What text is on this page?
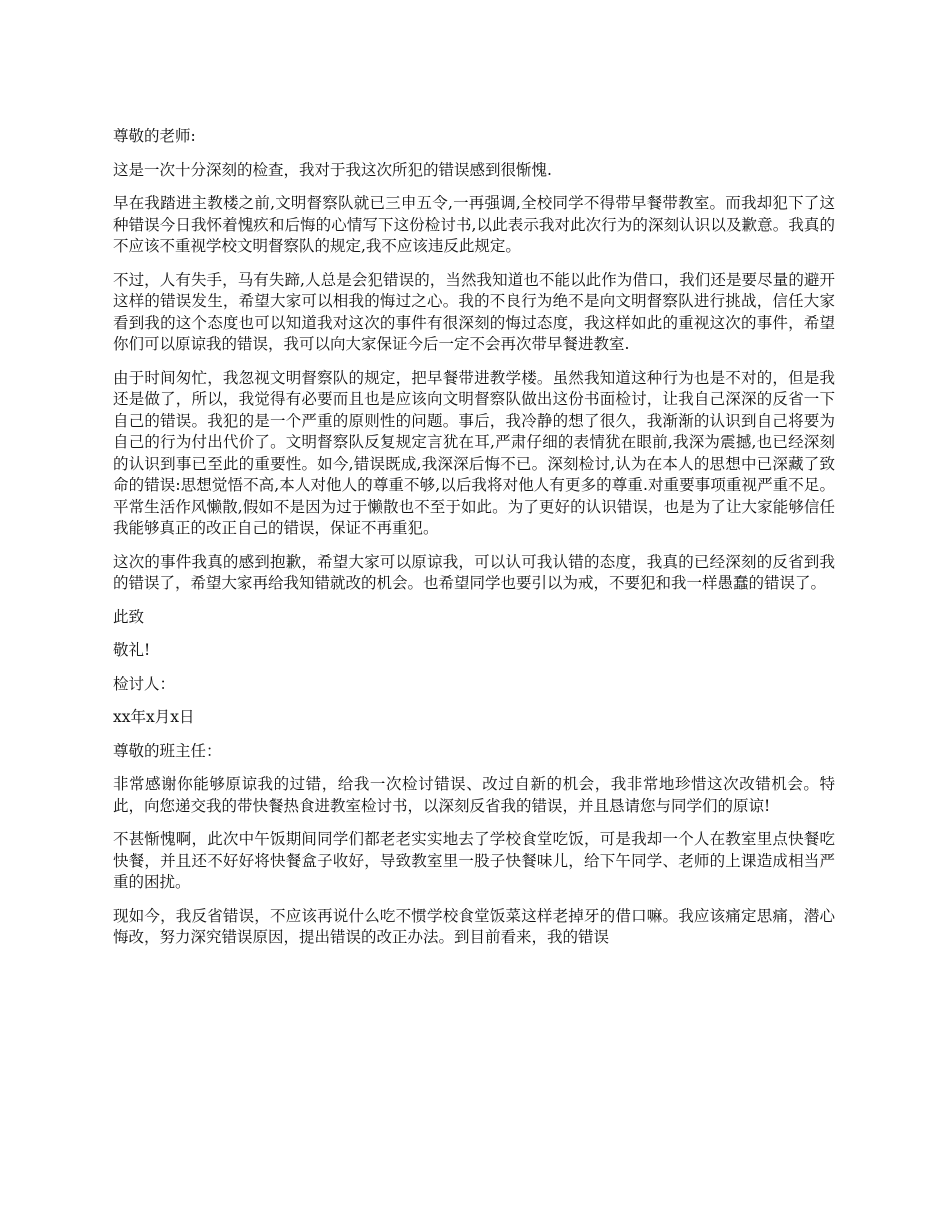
尊敬的老师:

这是一次十分深刻的检查，我对于我这次所犯的错误感到很惭愧.

早在我踏进主教楼之前,文明督察队就已三申五令,一再强调,全校同学不得带早餐带教室。而我却犯下了这种错误今日我怀着愧疚和后悔的心情写下这份检讨书,以此表示我对此次行为的深刻认识以及歉意。我真的不应该不重视学校文明督察队的规定,我不应该违反此规定。

不过，人有失手，马有失蹄,人总是会犯错误的，当然我知道也不能以此作为借口，我们还是要尽量的避开这样的错误发生，希望大家可以相我的悔过之心。我的不良行为绝不是向文明督察队进行挑战，信任大家看到我的这个态度也可以知道我对这次的事件有很深刻的悔过态度，我这样如此的重视这次的事件，希望你们可以原谅我的错误，我可以向大家保证今后一定不会再次带早餐进教室.

由于时间匆忙，我忽视文明督察队的规定，把早餐带进教学楼。虽然我知道这种行为也是不对的，但是我还是做了，所以，我觉得有必要而且也是应该向文明督察队做出这份书面检讨，让我自己深深的反省一下自己的错误。我犯的是一个严重的原则性的问题。事后，我冷静的想了很久，我渐渐的认识到自己将要为自己的行为付出代价了。文明督察队反复规定言犹在耳,严肃仔细的表情犹在眼前,我深为震撼,也已经深刻的认识到事已至此的重要性。如今,错误既成,我深深后悔不已。深刻检讨,认为在本人的思想中已深藏了致命的错误:思想觉悟不高,本人对他人的尊重不够,以后我将对他人有更多的尊重.对重要事项重视严重不足。平常生活作风懒散,假如不是因为过于懒散也不至于如此。为了更好的认识错误，也是为了让大家能够信任我能够真正的改正自己的错误，保证不再重犯。

这次的事件我真的感到抱歉，希望大家可以原谅我，可以认可我认错的态度，我真的已经深刻的反省到我的错误了，希望大家再给我知错就改的机会。也希望同学也要引以为戒，不要犯和我一样愚蠢的错误了。

此致

敬礼!

检讨人：

xx年x月x日

尊敬的班主任：

非常感谢你能够原谅我的过错，给我一次检讨错误、改过自新的机会，我非常地珍惜这次改错机会。特此，向您递交我的带快餐热食进教室检讨书，以深刻反省我的错误，并且恳请您与同学们的原谅!

不甚惭愧啊，此次中午饭期间同学们都老老实实地去了学校食堂吃饭，可是我却一个人在教室里点快餐吃快餐，并且还不好好将快餐盒子收好，导致教室里一股子快餐味儿，给下午同学、老师的上课造成相当严重的困扰。

现如今，我反省错误，不应该再说什么吃不惯学校食堂饭菜这样老掉牙的借口嘛。我应该痛定思痛，潜心悔改，努力深究错误原因，提出错误的改正办法。到目前看来，我的错误
